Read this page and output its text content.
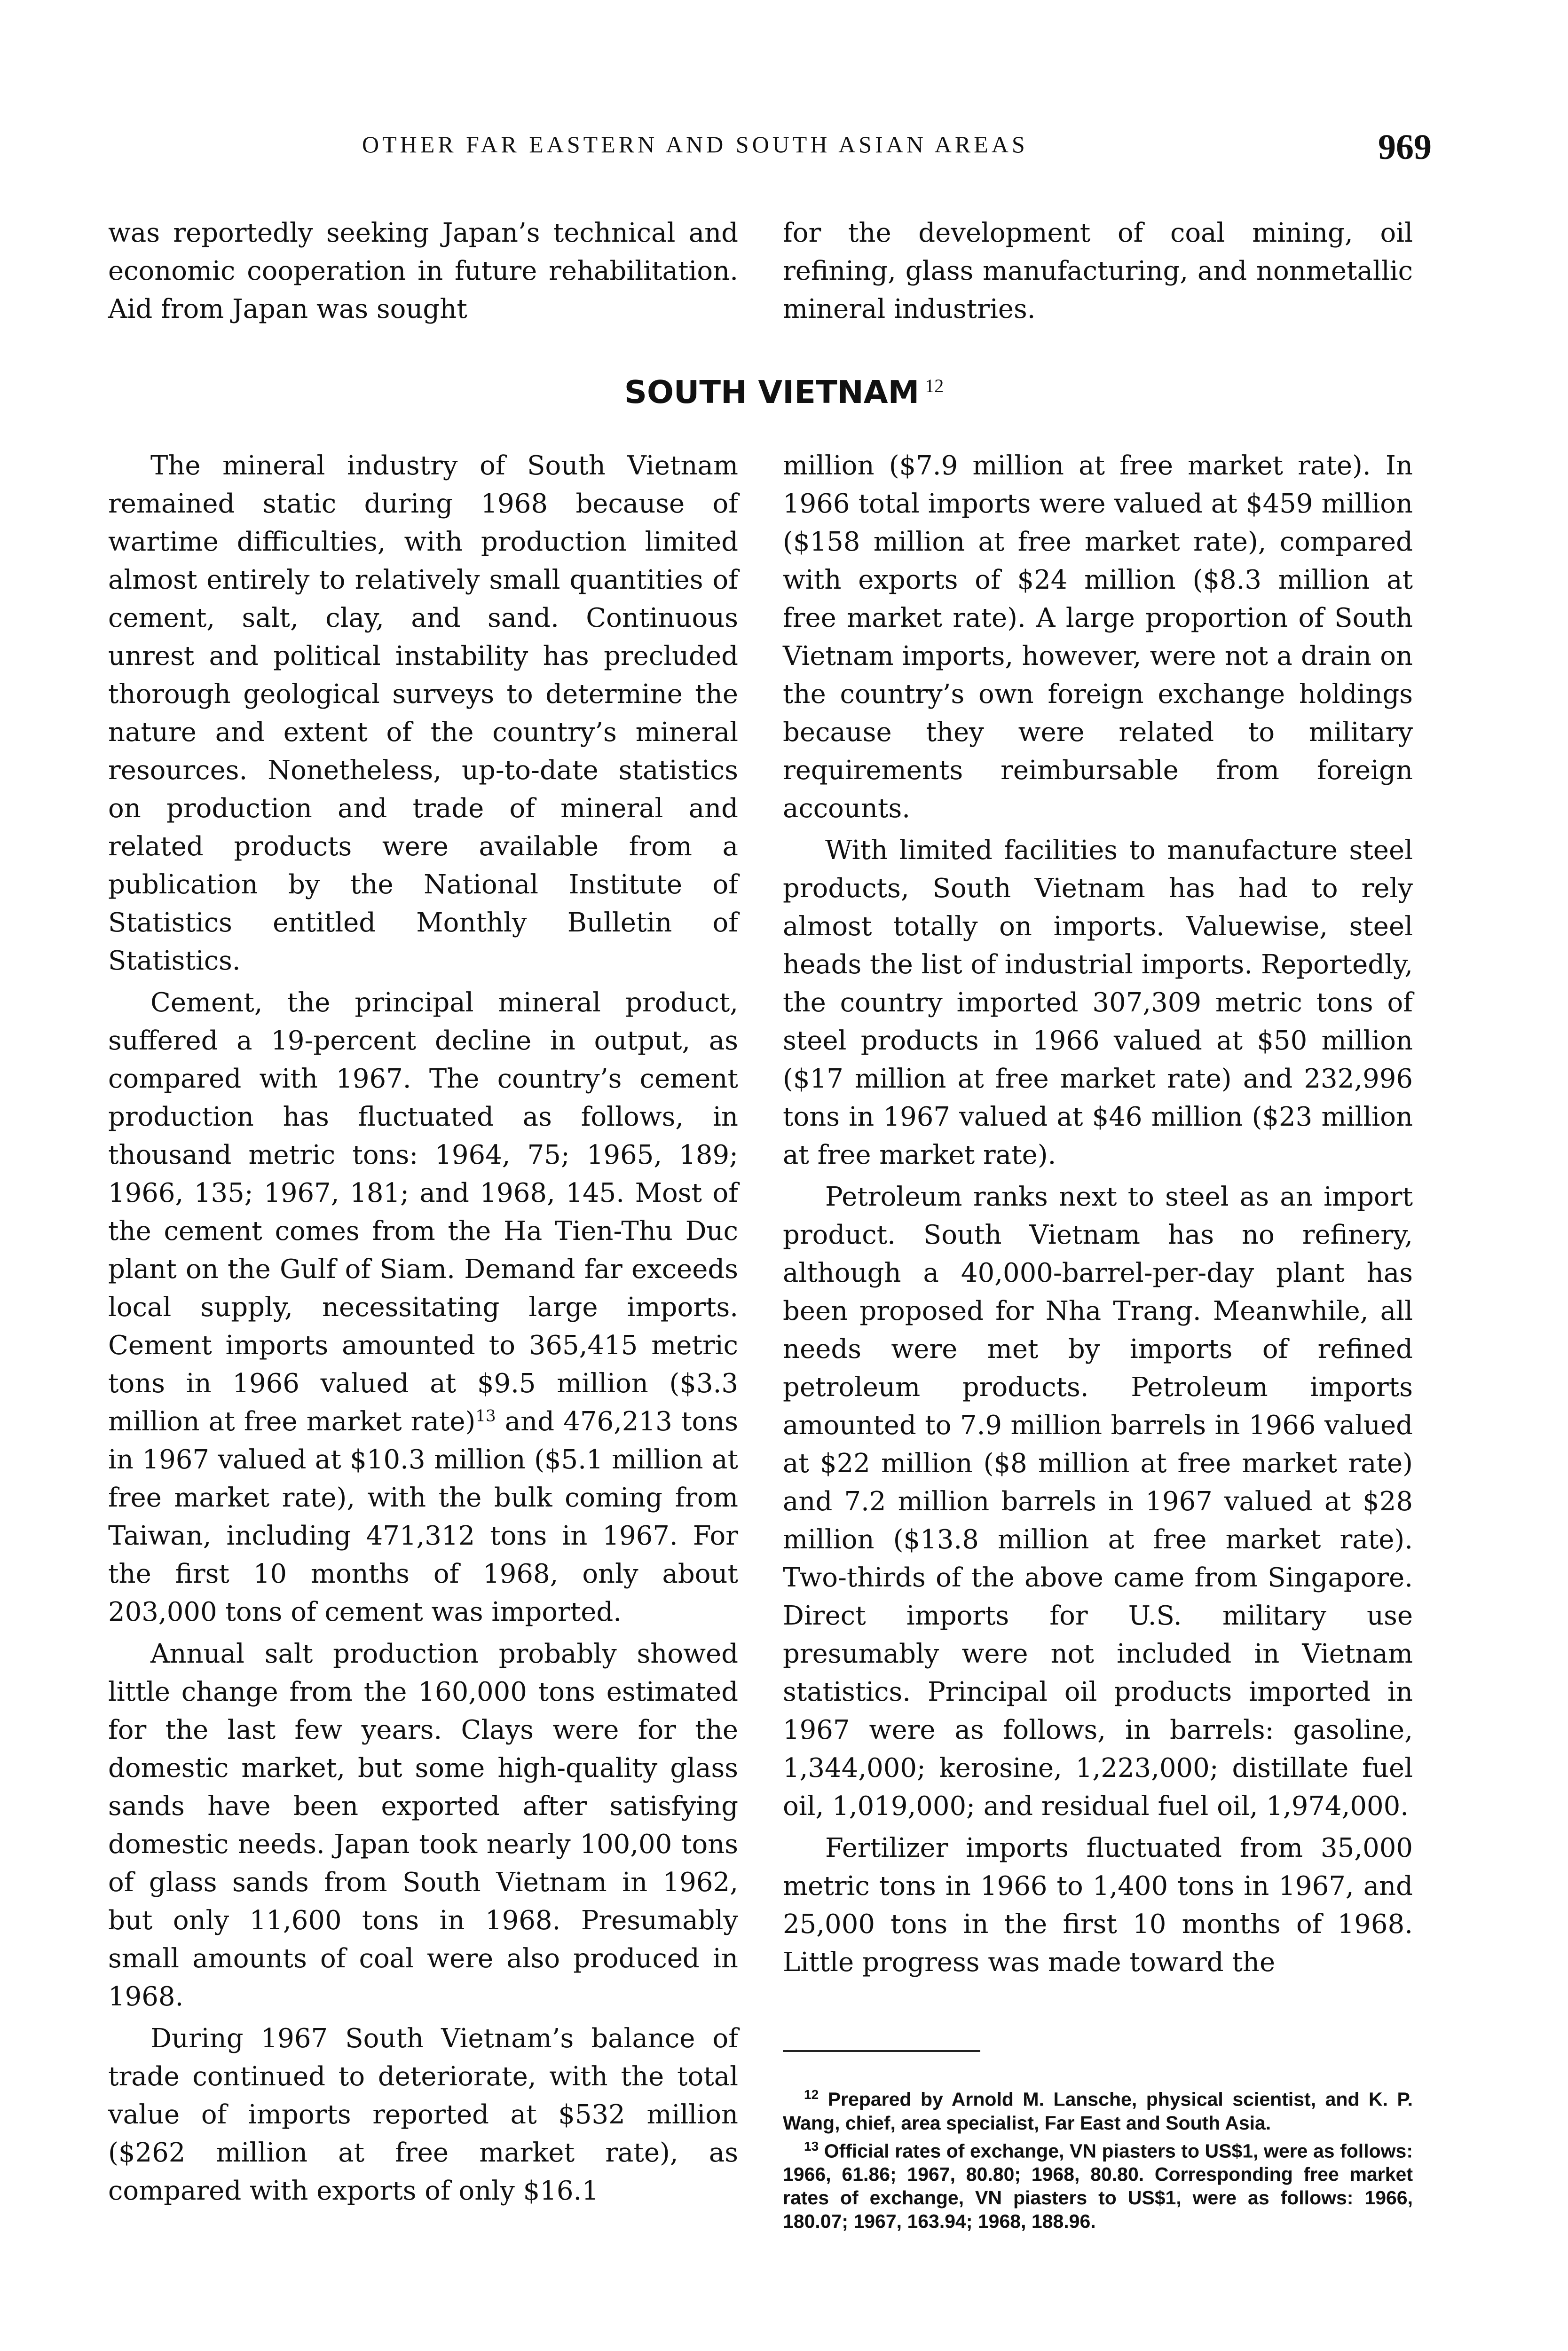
OTHER FAR EASTERN AND SOUTH ASIAN AREAS	969

was reportedly seeking Japan’s technical and economic cooperation in future rehabilitation. Aid from Japan was sought

for the development of coal mining, oil refining, glass manufacturing, and nonmetallic mineral industries.

SOUTH VIETNAM $^{12}$

The mineral industry of South Vietnam remained static during 1968 because of wartime difficulties, with production limited almost entirely to relatively small quantities of cement, salt, clay, and sand. Continuous unrest and political instability has precluded thorough geological surveys to determine the nature and extent of the country’s mineral resources. Nonetheless, up-to-date statistics on production and trade of mineral and related products were available from a publication by the National Institute of Statistics entitled Monthly Bulletin of Statistics.

Cement, the principal mineral product, suffered a 19-percent decline in output, as compared with 1967. The country’s cement production has fluctuated as follows, in thousand metric tons: 1964, 75; 1965, 189; 1966, 135; 1967, 181; and 1968, 145. Most of the cement comes from the Ha Tien-Thu Duc plant on the Gulf of Siam. Demand far exceeds local supply, necessitating large imports. Cement imports amounted to 365,415 metric tons in 1966 valued at $9.5 million ($3.3 million at free market rate)$^{13}$ and 476,213 tons in 1967 valued at $10.3 million ($5.1 million at free market rate), with the bulk coming from Taiwan, including 471,312 tons in 1967. For the first 10 months of 1968, only about 203,000 tons of cement was imported.

Annual salt production probably showed little change from the 160,000 tons estimated for the last few years. Clays were for the domestic market, but some high-quality glass sands have been exported after satisfying domestic needs. Japan took nearly 100,00 tons of glass sands from South Vietnam in 1962, but only 11,600 tons in 1968. Presumably small amounts of coal were also produced in 1968.

During 1967 South Vietnam’s balance of trade continued to deteriorate, with the total value of imports reported at $532 million ($262 million at free market rate), as compared with exports of only $16.1

million ($7.9 million at free market rate). In 1966 total imports were valued at $459 million ($158 million at free market rate), compared with exports of $24 million ($8.3 million at free market rate). A large proportion of South Vietnam imports, however, were not a drain on the country’s own foreign exchange holdings because they were related to military requirements reimbursable from foreign accounts.

With limited facilities to manufacture steel products, South Vietnam has had to rely almost totally on imports. Valuewise, steel heads the list of industrial imports. Reportedly, the country imported 307,309 metric tons of steel products in 1966 valued at $50 million ($17 million at free market rate) and 232,996 tons in 1967 valued at $46 million ($23 million at free market rate).

Petroleum ranks next to steel as an import product. South Vietnam has no refinery, although a 40,000-barrel-per-day plant has been proposed for Nha Trang. Meanwhile, all needs were met by imports of refined petroleum products. Petroleum imports amounted to 7.9 million barrels in 1966 valued at $22 million ($8 million at free market rate) and 7.2 million barrels in 1967 valued at $28 million ($13.8 million at free market rate). Two-thirds of the above came from Singapore. Direct imports for U.S. military use presumably were not included in Vietnam statistics. Principal oil products imported in 1967 were as follows, in barrels: gasoline, 1,344,000; kerosine, 1,223,000; distillate fuel oil, 1,019,000; and residual fuel oil, 1,974,000.

Fertilizer imports fluctuated from 35,000 metric tons in 1966 to 1,400 tons in 1967, and 25,000 tons in the first 10 months of 1968. Little progress was made toward the

$^{12}$ Prepared by Arnold M. Lansche, physical scientist, and K. P. Wang, chief, area specialist, Far East and South Asia.

$^{13}$ Official rates of exchange, VN piasters to US$1, were as follows: 1966, 61.86; 1967, 80.80; 1968, 80.80. Corresponding free market rates of exchange, VN piasters to US$1, were as follows: 1966, 180.07; 1967, 163.94; 1968, 188.96.
